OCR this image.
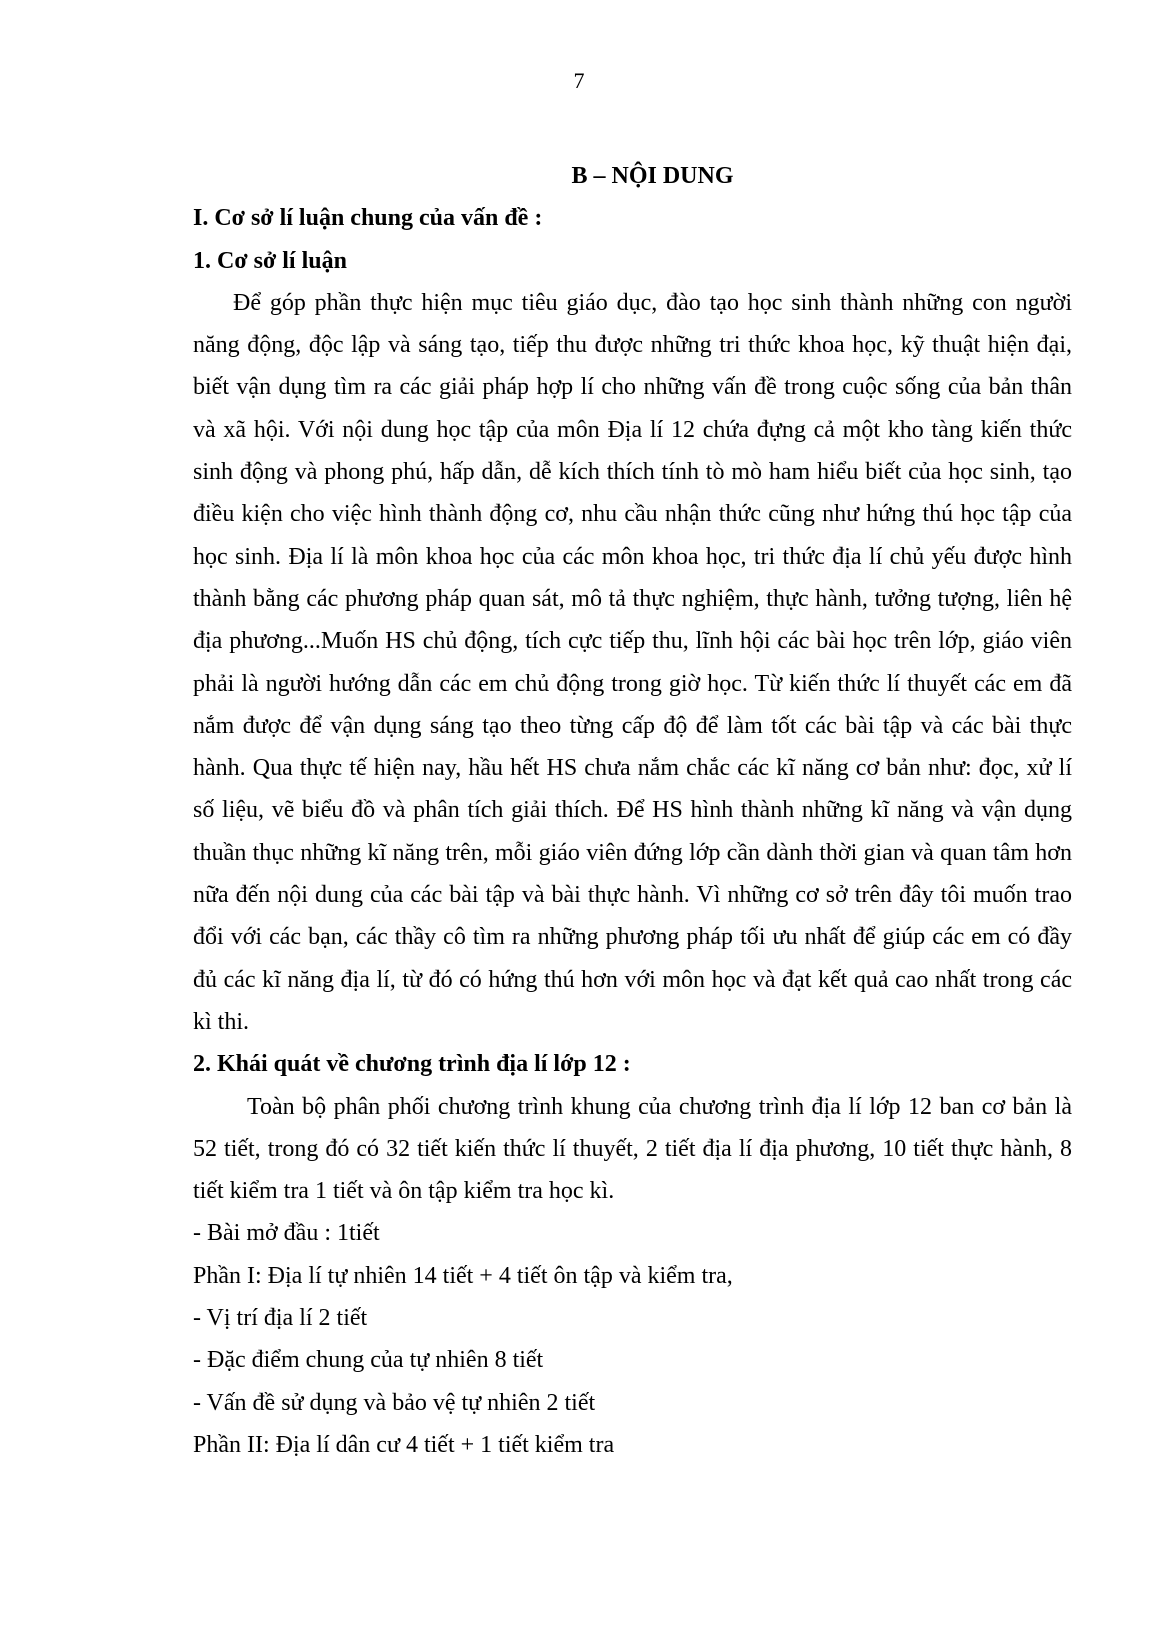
7

B – NỘI DUNG

I. Cơ sở lí luận chung của vấn đề :

1. Cơ sở lí luận

Để góp phần thực hiện mục tiêu giáo dục, đào tạo học sinh thành những con người năng động, độc lập và sáng tạo, tiếp thu được những tri thức khoa học, kỹ thuật hiện đại, biết vận dụng tìm ra các giải pháp hợp lí cho những vấn đề trong cuộc sống của bản thân và xã hội. Với nội dung học tập của môn Địa lí 12 chứa đựng cả một kho tàng kiến thức sinh động và phong phú, hấp dẫn, dễ kích thích tính tò mò ham hiểu biết của học sinh, tạo điều kiện cho việc hình thành động cơ, nhu cầu nhận thức cũng như hứng thú học tập của học sinh. Địa lí là môn khoa học của các môn khoa học, tri thức địa lí chủ yếu được hình thành bằng các phương pháp quan sát, mô tả thực nghiệm, thực hành, tưởng tượng, liên hệ địa phương...Muốn HS chủ động, tích cực tiếp thu, lĩnh hội các bài học trên lớp, giáo viên phải là người hướng dẫn các em chủ động trong giờ học. Từ kiến thức lí thuyết các em đã nắm được để vận dụng sáng tạo theo từng cấp độ để làm tốt các bài tập và các bài thực hành. Qua thực tế hiện nay, hầu hết HS chưa nắm chắc các kĩ năng cơ bản như: đọc, xử lí số liệu, vẽ biểu đồ và phân tích giải thích. Để HS hình thành những kĩ năng và vận dụng thuần thục những kĩ năng trên, mỗi giáo viên đứng lớp cần dành thời gian và quan tâm hơn nữa đến nội dung của các bài tập và bài thực hành. Vì những cơ sở trên đây tôi muốn trao đổi với các bạn, các thầy cô tìm ra những phương pháp tối ưu nhất để giúp các em có đầy đủ các kĩ năng địa lí, từ đó có hứng thú hơn với môn học và đạt kết quả cao nhất trong các kì thi.

2. Khái quát về chương trình địa lí lớp 12 :

Toàn bộ phân phối chương trình khung của chương trình địa lí lớp 12 ban cơ bản là 52 tiết, trong đó có 32 tiết kiến thức lí thuyết, 2 tiết địa lí địa phương, 10 tiết thực hành, 8 tiết kiểm tra 1 tiết và ôn tập kiểm tra học kì.

- Bài mở đầu : 1tiết

Phần I: Địa lí tự nhiên 14 tiết + 4 tiết ôn tập và kiểm tra,

- Vị trí địa lí 2 tiết

- Đặc điểm chung của tự nhiên 8 tiết

- Vấn đề sử dụng và bảo vệ tự nhiên 2 tiết

Phần II: Địa lí dân cư 4 tiết + 1 tiết kiểm tra
